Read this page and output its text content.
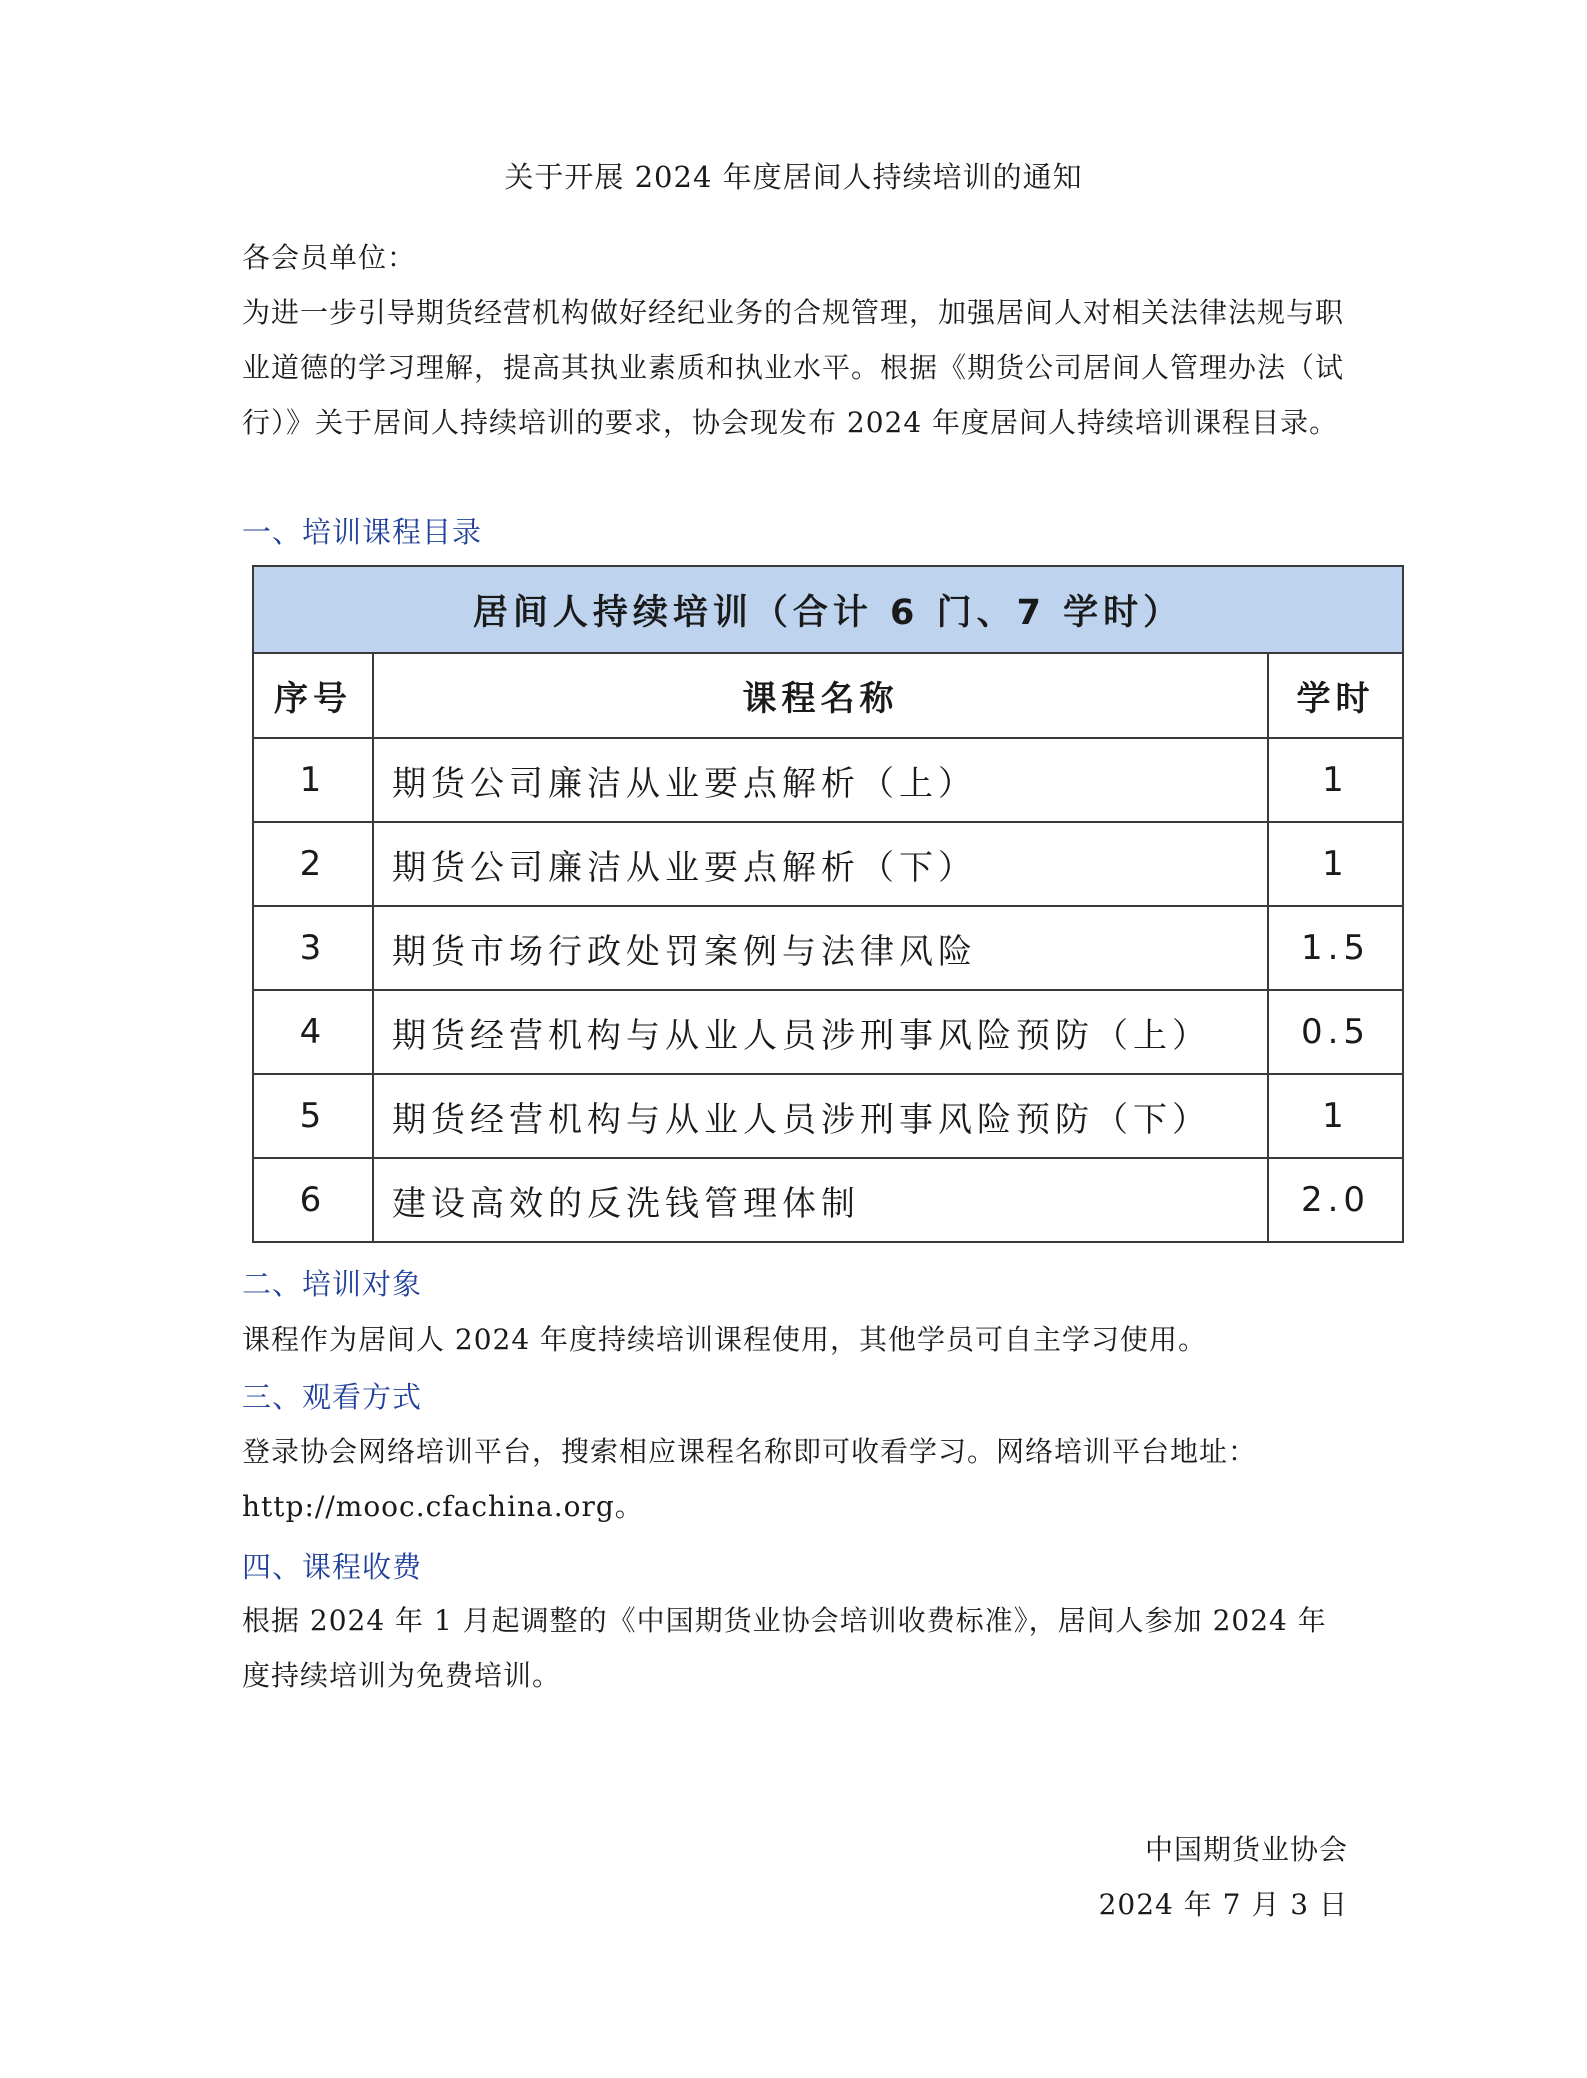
关于开展 2024 年度居间人持续培训的通知
各会员单位：
为进一步引导期货经营机构做好经纪业务的合规管理，加强居间人对相关法律法规与职业道德的学习理解，提高其执业素质和执业水平。根据《期货公司居间人管理办法（试行）》关于居间人持续培训的要求，协会现发布 2024 年度居间人持续培训课程目录。
一、培训课程目录
居间人持续培训（合计 6 门、7 学时）		
序号	课程名称	学时
1	期货公司廉洁从业要点解析（上）	1
2	期货公司廉洁从业要点解析（下）	1
3	期货市场行政处罚案例与法律风险	1.5
4	期货经营机构与从业人员涉刑事风险预防（上）	0.5
5	期货经营机构与从业人员涉刑事风险预防（下）	1
6	建设高效的反洗钱管理体制	2.0
二、培训对象
课程作为居间人 2024 年度持续培训课程使用，其他学员可自主学习使用。
三、观看方式
登录协会网络培训平台，搜索相应课程名称即可收看学习。网络培训平台地址：http://mooc.cfachina.org。
四、课程收费
根据 2024 年 1 月起调整的《中国期货业协会培训收费标准》，居间人参加 2024 年度持续培训为免费培训。
中国期货业协会
2024 年 7 月 3 日
